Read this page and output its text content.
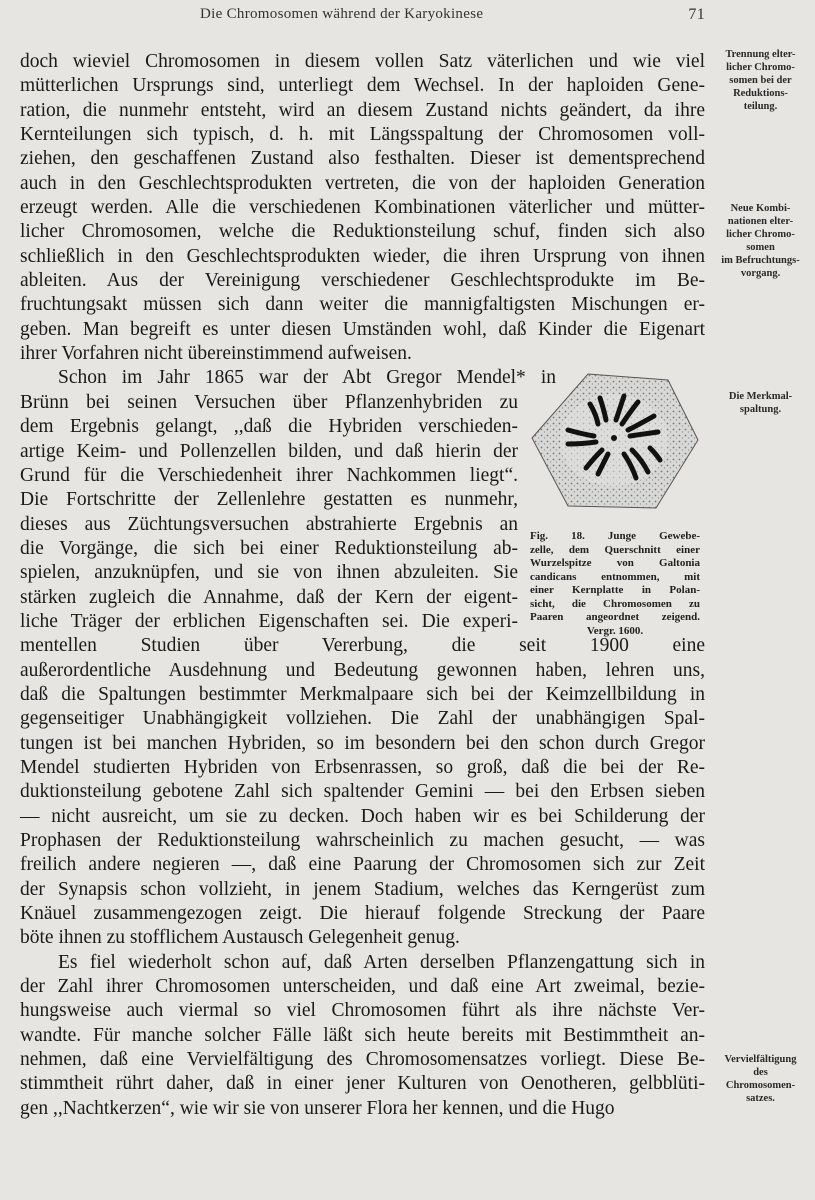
Die Chromosomen während der Karyokinese	71
doch wieviel Chromosomen in diesem vollen Satz väterlichen und wie viel
mütterlichen Ursprungs sind, unterliegt dem Wechsel. In der haploiden Gene-
ration, die nunmehr entsteht, wird an diesem Zustand nichts geändert, da ihre
Kernteilungen sich typisch, d. h. mit Längsspaltung der Chromosomen voll-
ziehen, den geschaffenen Zustand also festhalten. Dieser ist dementsprechend
auch in den Geschlechtsprodukten vertreten, die von der haploiden Generation
erzeugt werden. Alle die verschiedenen Kombinationen väterlicher und mütter-
licher Chromosomen, welche die Reduktionsteilung schuf, finden sich also
schließlich in den Geschlechtsprodukten wieder, die ihren Ursprung von ihnen
ableiten. Aus der Vereinigung verschiedener Geschlechtsprodukte im Be-
fruchtungsakt müssen sich dann weiter die mannigfaltigsten Mischungen er-
geben. Man begreift es unter diesen Umständen wohl, daß Kinder die Eigenart
ihrer Vorfahren nicht übereinstimmend aufweisen.
Schon im Jahr 1865 war der Abt Gregor Mendel* in
Brünn bei seinen Versuchen über Pflanzenhybriden zu
dem Ergebnis gelangt, ,,daß die Hybriden verschieden-
artige Keim- und Pollenzellen bilden, und daß hierin der
Grund für die Verschiedenheit ihrer Nachkommen liegt“.
Die Fortschritte der Zellenlehre gestatten es nunmehr,
dieses aus Züchtungsversuchen abstrahierte Ergebnis an
die Vorgänge, die sich bei einer Reduktionsteilung ab-
spielen, anzuknüpfen, und sie von ihnen abzuleiten. Sie
stärken zugleich die Annahme, daß der Kern der eigent-
liche Träger der erblichen Eigenschaften sei. Die experi-
mentellen Studien über Vererbung, die seit 1900 eine
außerordentliche Ausdehnung und Bedeutung gewonnen haben, lehren uns,
daß die Spaltungen bestimmter Merkmalpaare sich bei der Keimzellbildung in
gegenseitiger Unabhängigkeit vollziehen. Die Zahl der unabhängigen Spal-
tungen ist bei manchen Hybriden, so im besondern bei den schon durch Gregor
Mendel studierten Hybriden von Erbsenrassen, so groß, daß die bei der Re-
duktionsteilung gebotene Zahl sich spaltender Gemini — bei den Erbsen sieben
— nicht ausreicht, um sie zu decken. Doch haben wir es bei Schilderung der
Prophasen der Reduktionsteilung wahrscheinlich zu machen gesucht, — was
freilich andere negieren —, daß eine Paarung der Chromosomen sich zur Zeit
der Synapsis schon vollzieht, in jenem Stadium, welches das Kerngerüst zum
Knäuel zusammengezogen zeigt. Die hierauf folgende Streckung der Paare
böte ihnen zu stofflichem Austausch Gelegenheit genug.
Es fiel wiederholt schon auf, daß Arten derselben Pflanzengattung sich in
der Zahl ihrer Chromosomen unterscheiden, und daß eine Art zweimal, bezie-
hungsweise auch viermal so viel Chromosomen führt als ihre nächste Ver-
wandte. Für manche solcher Fälle läßt sich heute bereits mit Bestimmtheit an-
nehmen, daß eine Vervielfältigung des Chromosomensatzes vorliegt. Diese Be-
stimmtheit rührt daher, daß in einer jener Kulturen von Oenotheren, gelbblüti-
gen ,,Nachtkerzen“, wie wir sie von unserer Flora her kennen, und die Hugo
Trennung elter-
licher Chromo-
somen bei der
Reduktions-
teilung.
Neue Kombi-
nationen elter-
licher Chromo-
somen
im Befruchtungs-
vorgang.
Die Merkmal-
spaltung.
Vervielfältigung
des
Chromosomen-
satzes.
Fig. 18. Junge Gewebe-
zelle, dem Querschnitt einer
Wurzelspitze von Galtonia
candicans entnommen, mit
einer Kernplatte in Polan-
sicht, die Chromosomen zu
Paaren angeordnet zeigend.
Vergr. 1600.
